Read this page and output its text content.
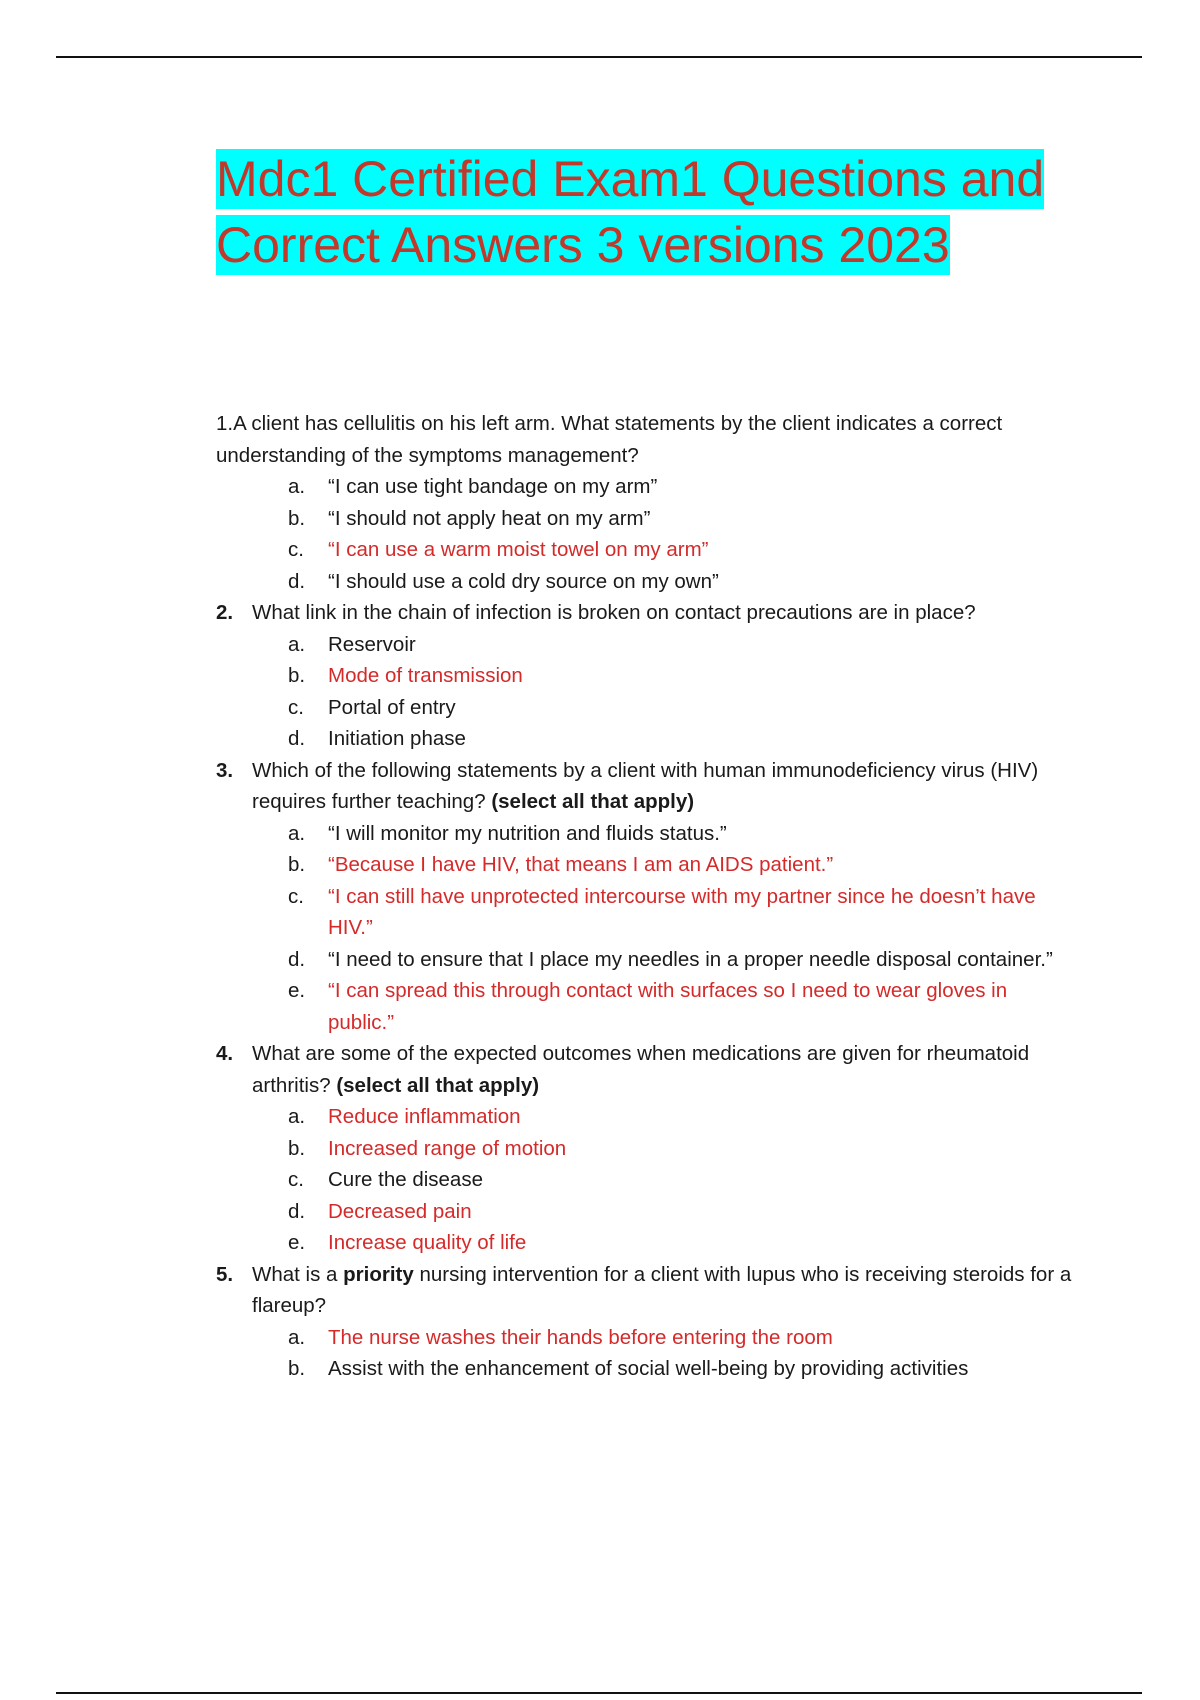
Mdc1 Certified Exam1 Questions and
Correct Answers 3 versions 2023

1.A client has cellulitis on his left arm. What statements by the client indicates a correct understanding of the symptoms management?

a. “I can use tight bandage on my arm”
b. “I should not apply heat on my arm”
c. “I can use a warm moist towel on my arm”
d. “I should use a cold dry source on my own”
2. What link in the chain of infection is broken on contact precautions are in place?

a. Reservoir
b. Mode of transmission
c. Portal of entry
d. Initiation phase
3. Which of the following statements by a client with human immunodeficiency virus (HIV) requires further teaching? (select all that apply)

a. “I will monitor my nutrition and fluids status.”
b. “Because I have HIV, that means I am an AIDS patient.”
c. “I can still have unprotected intercourse with my partner since he doesn’t have HIV.”
d. “I need to ensure that I place my needles in a proper needle disposal container.”
e. “I can spread this through contact with surfaces so I need to wear gloves in public.”
4. What are some of the expected outcomes when medications are given for rheumatoid arthritis? (select all that apply)

a. Reduce inflammation
b. Increased range of motion
c. Cure the disease
d. Decreased pain
e. Increase quality of life
5. What is a priority nursing intervention for a client with lupus who is receiving steroids for a flareup?

a. The nurse washes their hands before entering the room
b. Assist with the enhancement of social well-being by providing activities
